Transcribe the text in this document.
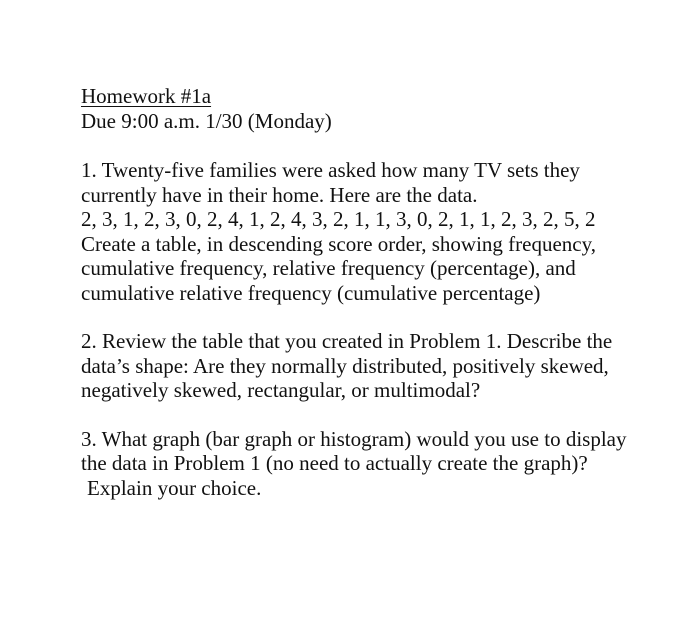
Homework #1a

Due 9:00 a.m. 1/30 (Monday)

1. Twenty-five families were asked how many TV sets they

currently have in their home. Here are the data.

2, 3, 1, 2, 3, 0, 2, 4, 1, 2, 4, 3, 2, 1, 1, 3, 0, 2, 1, 1, 2, 3, 2, 5, 2

Create a table, in descending score order, showing frequency,

cumulative frequency, relative frequency (percentage), and

cumulative relative frequency (cumulative percentage)

2. Review the table that you created in Problem 1. Describe the

data’s shape: Are they normally distributed, positively skewed,

negatively skewed, rectangular, or multimodal?

3. What graph (bar graph or histogram) would you use to display

the data in Problem 1 (no need to actually create the graph)?

Explain your choice.
